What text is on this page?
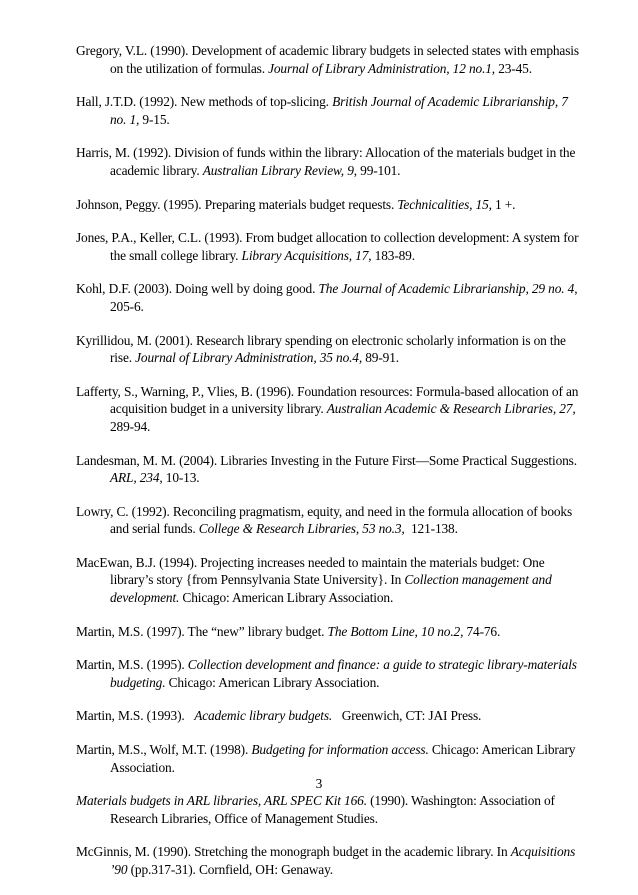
Gregory, V.L. (1990). Development of academic library budgets in selected states with emphasis on the utilization of formulas. Journal of Library Administration, 12 no.1, 23-45.

Hall, J.T.D. (1992). New methods of top-slicing. British Journal of Academic Librarianship, 7 no. 1, 9-15.

Harris, M. (1992). Division of funds within the library: Allocation of the materials budget in the academic library. Australian Library Review, 9, 99-101.

Johnson, Peggy. (1995). Preparing materials budget requests. Technicalities, 15, 1 +.

Jones, P.A., Keller, C.L. (1993). From budget allocation to collection development: A system for the small college library. Library Acquisitions, 17, 183-89.

Kohl, D.F. (2003). Doing well by doing good. The Journal of Academic Librarianship, 29 no. 4, 205-6.

Kyrillidou, M. (2001). Research library spending on electronic scholarly information is on the rise. Journal of Library Administration, 35 no.4, 89-91.

Lafferty, S., Warning, P., Vlies, B. (1996). Foundation resources: Formula-based allocation of an acquisition budget in a university library. Australian Academic & Research Libraries, 27, 289-94.

Landesman, M. M. (2004). Libraries Investing in the Future First—Some Practical Suggestions. ARL, 234, 10-13.

Lowry, C. (1992). Reconciling pragmatism, equity, and need in the formula allocation of books and serial funds. College & Research Libraries, 53 no.3,  121-138.

MacEwan, B.J. (1994). Projecting increases needed to maintain the materials budget: One library’s story {from Pennsylvania State University}. In Collection management and development. Chicago: American Library Association.

Martin, M.S. (1997). The “new” library budget. The Bottom Line, 10 no.2, 74-76.

Martin, M.S. (1995). Collection development and finance: a guide to strategic library-materials budgeting. Chicago: American Library Association.

Martin, M.S. (1993).   Academic library budgets.   Greenwich, CT: JAI Press.

Martin, M.S., Wolf, M.T. (1998). Budgeting for information access. Chicago: American Library Association.

Materials budgets in ARL libraries, ARL SPEC Kit 166. (1990). Washington: Association of Research Libraries, Office of Management Studies.

McGinnis, M. (1990). Stretching the monograph budget in the academic library. In Acquisitions ’90 (pp.317-31). Cornfield, OH: Genaway.

3
